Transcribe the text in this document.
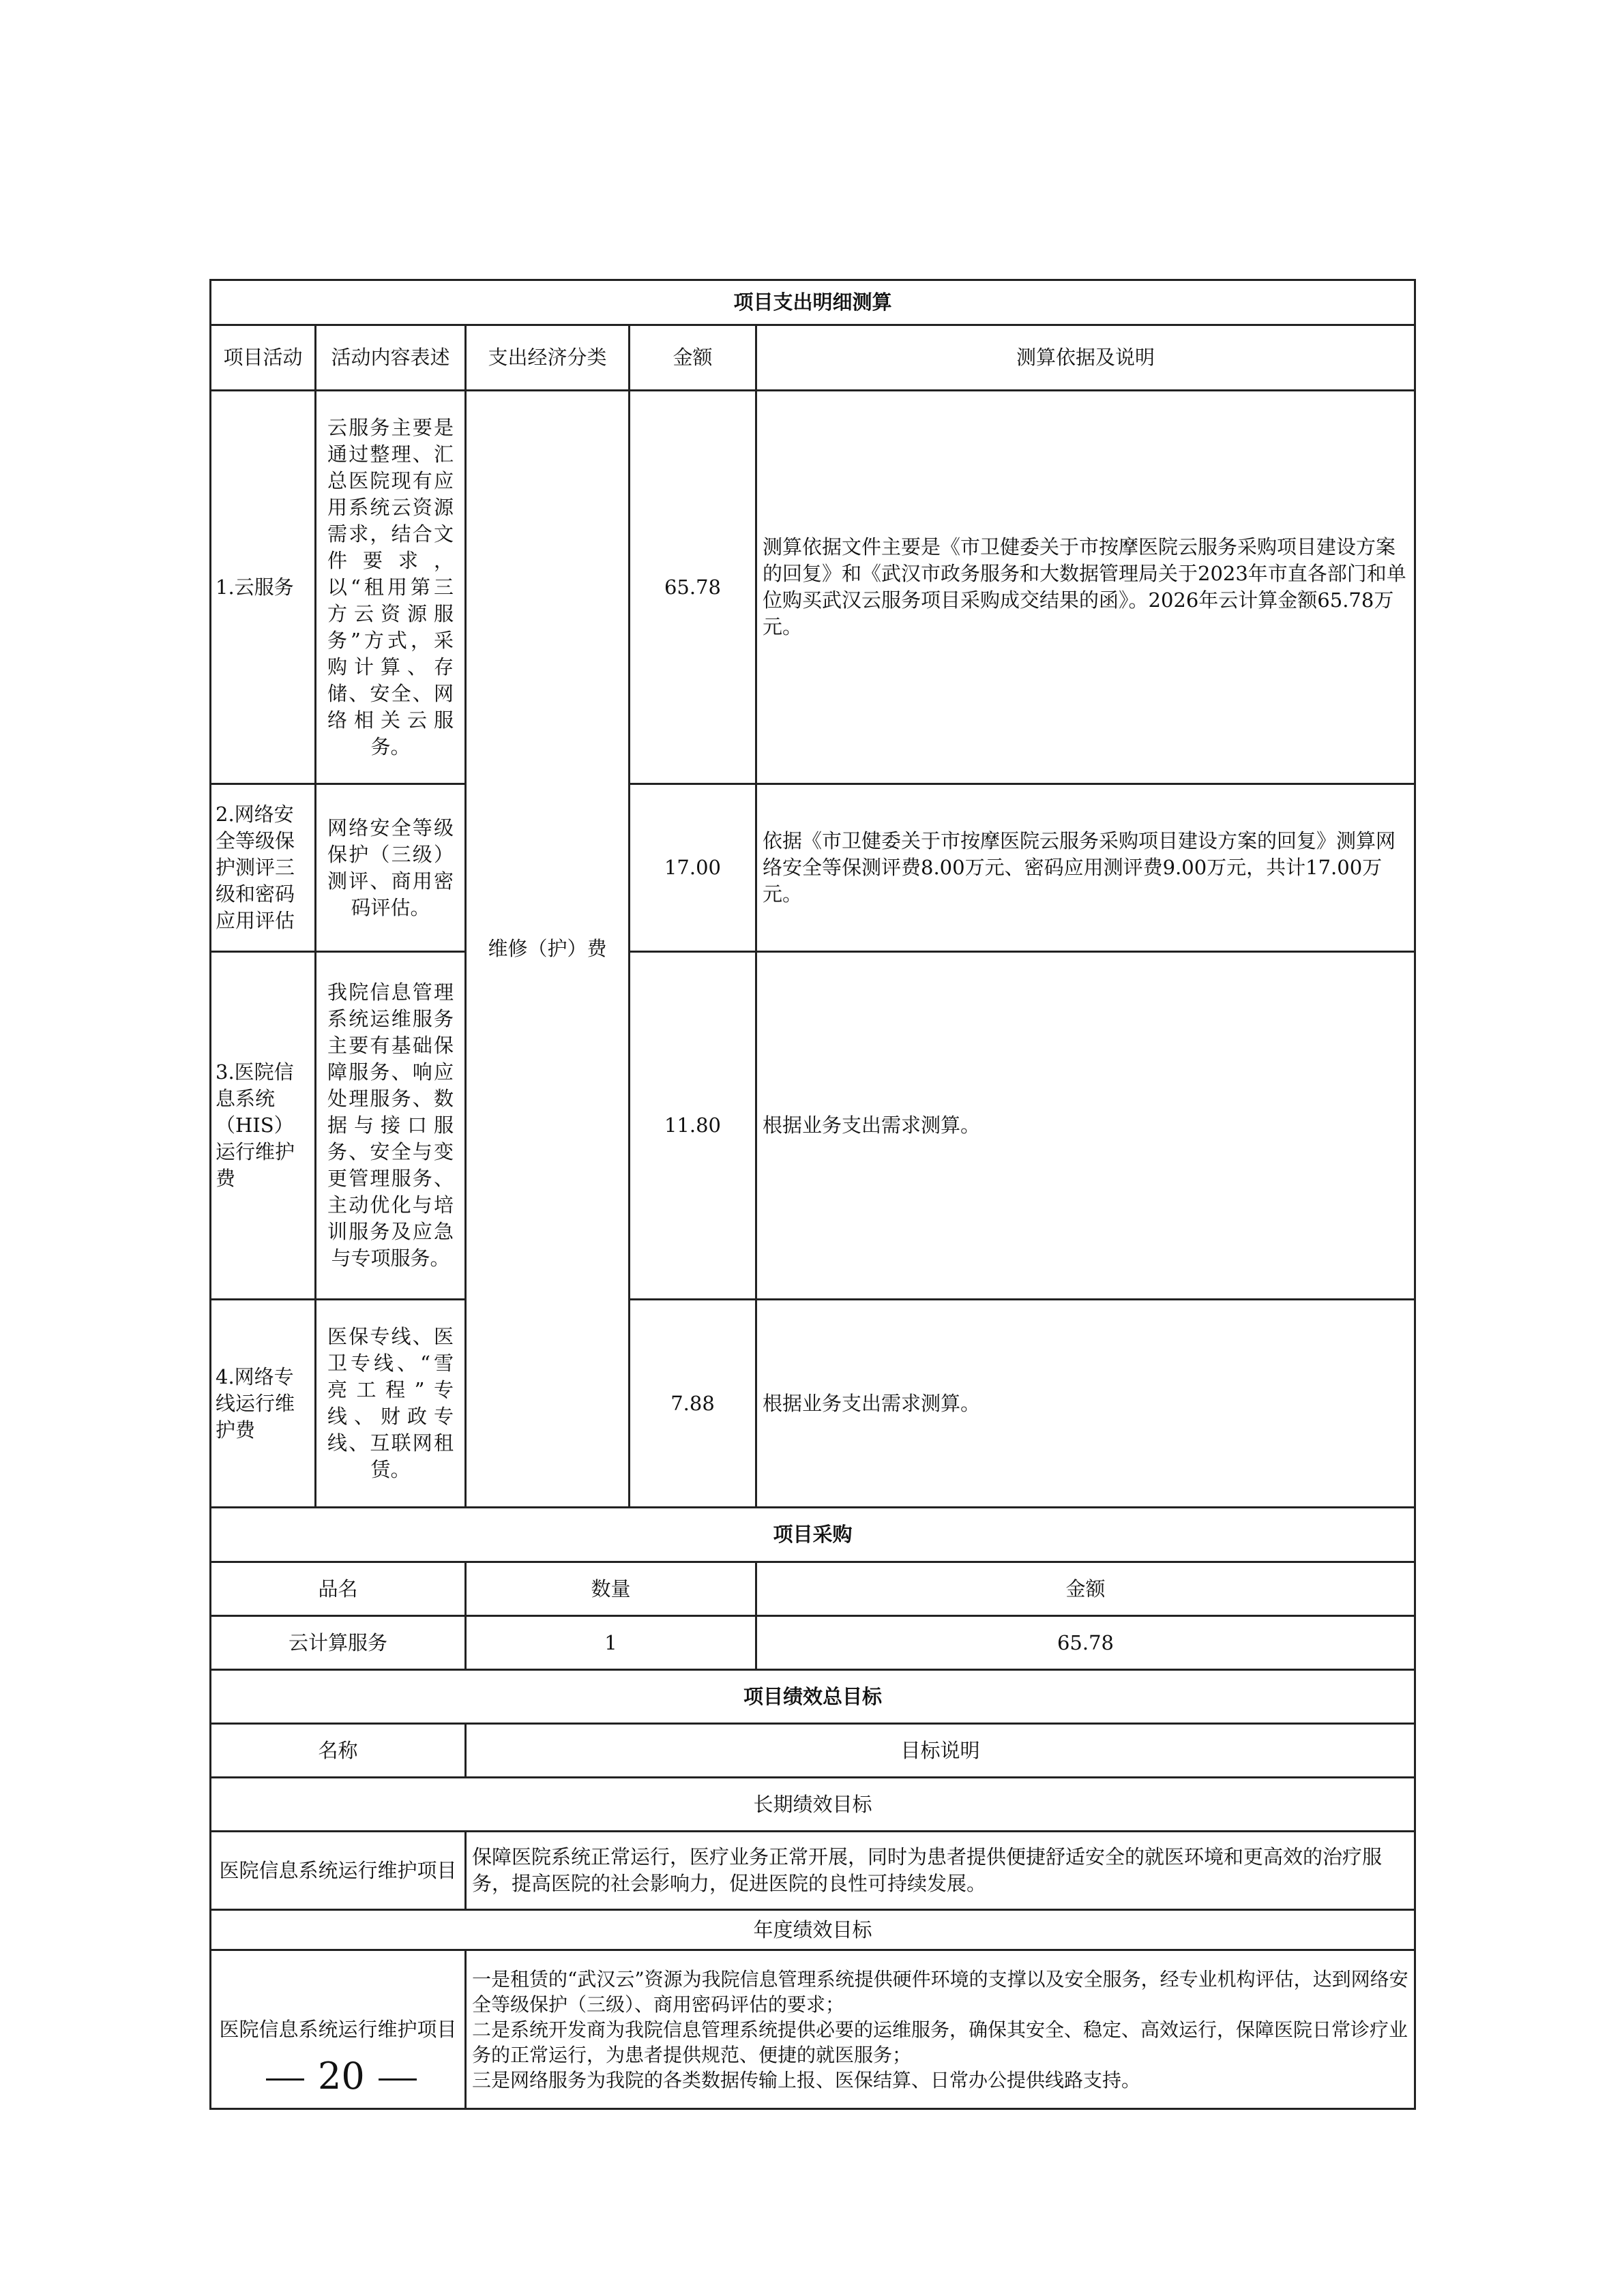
项目支出明细测算				
项目活动	活动内容表述	支出经济分类	金额	测算依据及说明
1.云服务	云服务主要是通过整理、汇总医院现有应用系统云资源需求，结合文件要求，以“租用第三方云资源服务”方式，采购计算、存储、安全、网络相关云服务。	维修（护）费	65.78	测算依据文件主要是《市卫健委关于市按摩医院云服务采购项目建设方案的回复》和《武汉市政务服务和大数据管理局关于2023年市直各部门和单位购买武汉云服务项目采购成交结果的函》。2026年云计算金额65.78万元。
2.网络安全等级保护测评三级和密码应用评估	网络安全等级保护（三级）测评、商用密码评估。		17.00	依据《市卫健委关于市按摩医院云服务采购项目建设方案的回复》测算网络安全等保测评费8.00万元、密码应用测评费9.00万元，共计17.00万元。
3.医院信息系统（HIS）运行维护费	我院信息管理系统运维服务主要有基础保障服务、响应处理服务、数据与接口服务、安全与变更管理服务、主动优化与培训服务及应急与专项服务。		11.80	根据业务支出需求测算。
4.网络专线运行维护费	医保专线、医卫专线、“雪亮工程”专线、财政专线、互联网租赁。		7.88	根据业务支出需求测算。
项目采购				
品名		数量		金额
云计算服务		1		65.78
项目绩效总目标				
名称		目标说明		
长期绩效目标				
医院信息系统运行维护项目		保障医院系统正常运行，医疗业务正常开展，同时为患者提供便捷舒适安全的就医环境和更高效的治疗服务，提高医院的社会影响力，促进医院的良性可持续发展。		
年度绩效目标				
医院信息系统运行维护项目		一是租赁的“武汉云”资源为我院信息管理系统提供硬件环境的支撑以及安全服务，经专业机构评估，达到网络安全等级保护（三级）、商用密码评估的要求；
二是系统开发商为我院信息管理系统提供必要的运维服务，确保其安全、稳定、高效运行，保障医院日常诊疗业务的正常运行，为患者提供规范、便捷的就医服务；
三是网络服务为我院的各类数据传输上报、医保结算、日常办公提供线路支持。		
20
